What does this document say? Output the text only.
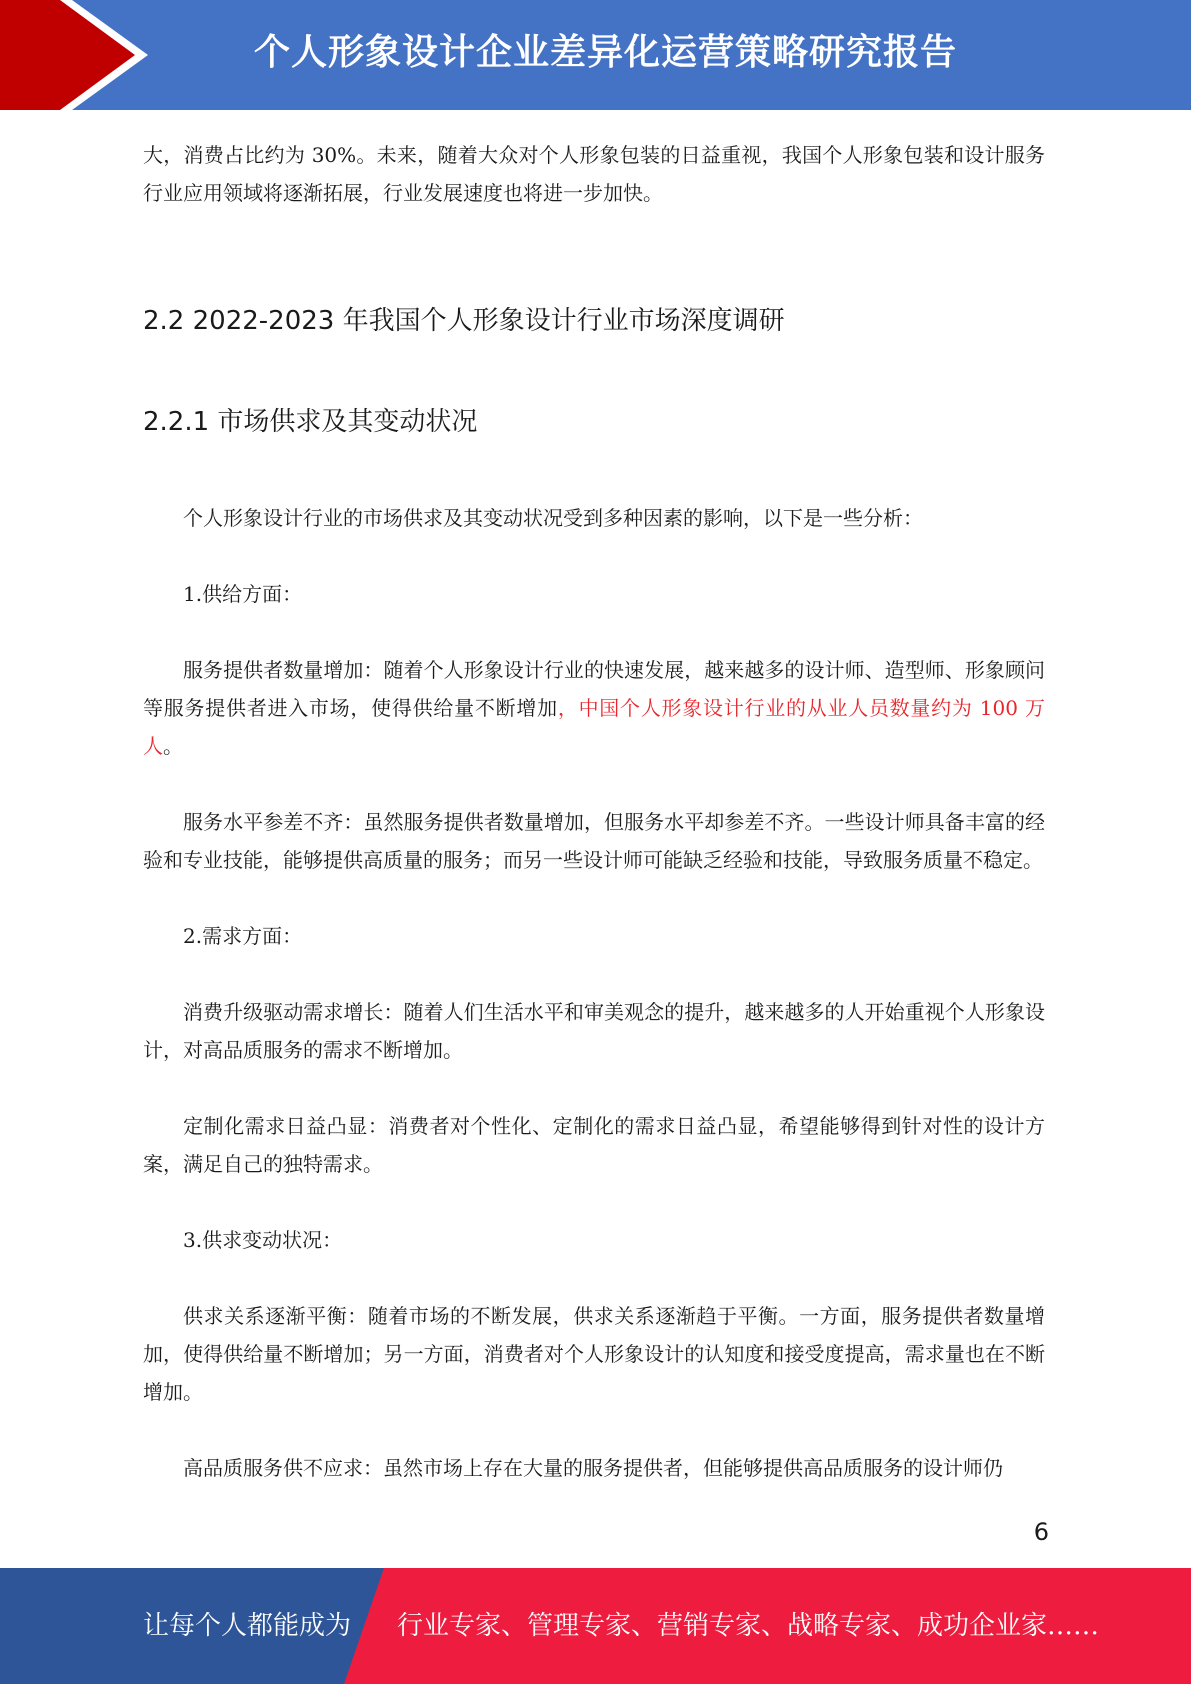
个人形象设计企业差异化运营策略研究报告

大，消费占比约为 30%。未来，随着大众对个人形象包装的日益重视，我国个人形象包装和设计服务行业应用领域将逐渐拓展，行业发展速度也将进一步加快。

2.2 2022-2023 年我国个人形象设计行业市场深度调研
2.2.1 市场供求及其变动状况

个人形象设计行业的市场供求及其变动状况受到多种因素的影响，以下是一些分析：

1.供给方面：

服务提供者数量增加：随着个人形象设计行业的快速发展，越来越多的设计师、造型师、形象顾问等服务提供者进入市场，使得供给量不断增加，中国个人形象设计行业的从业人员数量约为 100 万人。

服务水平参差不齐：虽然服务提供者数量增加，但服务水平却参差不齐。一些设计师具备丰富的经验和专业技能，能够提供高质量的服务；而另一些设计师可能缺乏经验和技能，导致服务质量不稳定。

2.需求方面：

消费升级驱动需求增长：随着人们生活水平和审美观念的提升，越来越多的人开始重视个人形象设计，对高品质服务的需求不断增加。

定制化需求日益凸显：消费者对个性化、定制化的需求日益凸显，希望能够得到针对性的设计方案，满足自己的独特需求。

3.供求变动状况：

供求关系逐渐平衡：随着市场的不断发展，供求关系逐渐趋于平衡。一方面，服务提供者数量增加，使得供给量不断增加；另一方面，消费者对个人形象设计的认知度和接受度提高，需求量也在不断增加。

高品质服务供不应求：虽然市场上存在大量的服务提供者，但能够提供高品质服务的设计师仍

6
让每个人都能成为 行业专家、管理专家、营销专家、战略专家、成功企业家……
